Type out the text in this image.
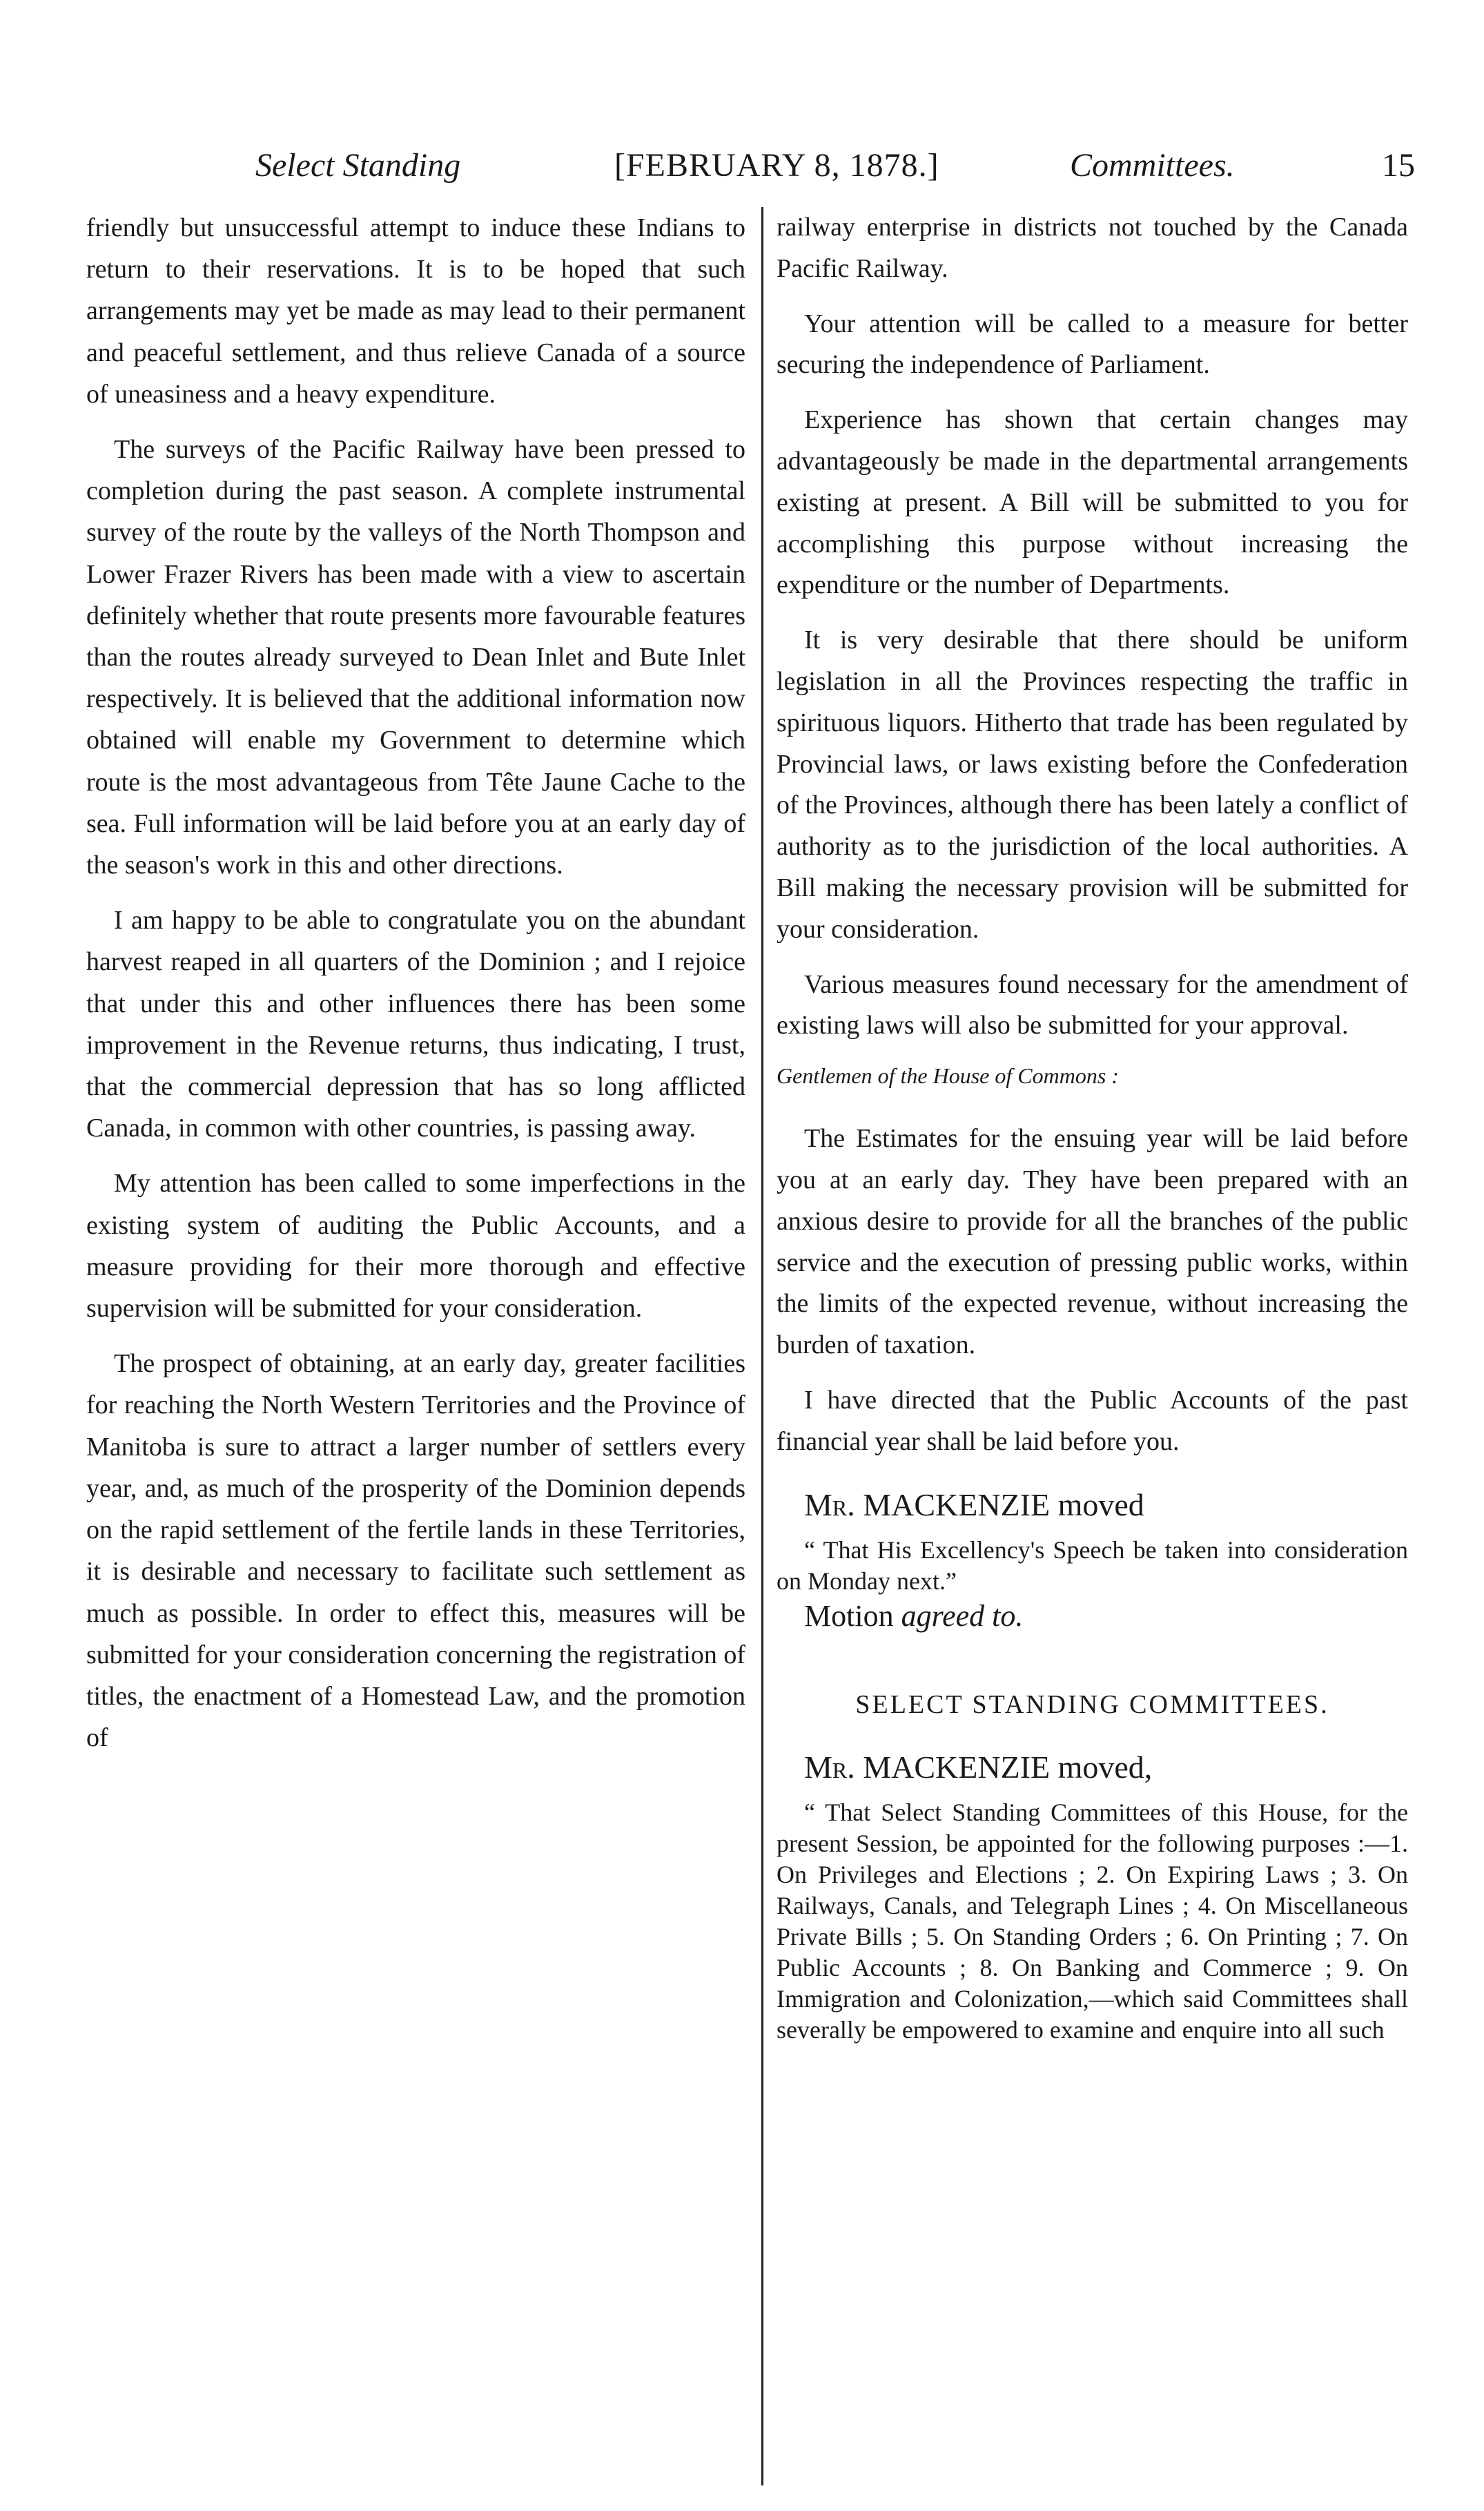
Select Standing	[FEBRUARY 8, 1878.]	Committees.	15

friendly but unsuccessful attempt to induce these Indians to return to their reservations. It is to be hoped that such arrangements may yet be made as may lead to their permanent and peaceful settlement, and thus relieve Canada of a source of uneasiness and a heavy expenditure.

The surveys of the Pacific Railway have been pressed to completion during the past season. A complete instrumental survey of the route by the valleys of the North Thompson and Lower Frazer Rivers has been made with a view to ascertain definitely whether that route presents more favourable features than the routes already surveyed to Dean Inlet and Bute Inlet respectively. It is believed that the additional information now obtained will enable my Government to determine which route is the most advantageous from Tête Jaune Cache to the sea. Full information will be laid before you at an early day of the season's work in this and other directions.

I am happy to be able to congratulate you on the abundant harvest reaped in all quarters of the Dominion ; and I rejoice that under this and other influences there has been some improvement in the Revenue returns, thus indicating, I trust, that the commercial depression that has so long afflicted Canada, in common with other countries, is passing away.

My attention has been called to some imperfections in the existing system of auditing the Public Accounts, and a measure providing for their more thorough and effective supervision will be submitted for your consideration.

The prospect of obtaining, at an early day, greater facilities for reaching the North Western Territories and the Province of Manitoba is sure to attract a larger number of settlers every year, and, as much of the prosperity of the Dominion depends on the rapid settlement of the fertile lands in these Territories, it is desirable and necessary to facilitate such settlement as much as possible. In order to effect this, measures will be submitted for your consideration concerning the registration of titles, the enactment of a Homestead Law, and the promotion of

railway enterprise in districts not touched by the Canada Pacific Railway.

Your attention will be called to a measure for better securing the independence of Parliament.

Experience has shown that certain changes may advantageously be made in the departmental arrangements existing at present. A Bill will be submitted to you for accomplishing this purpose without increasing the expenditure or the number of Departments.

It is very desirable that there should be uniform legislation in all the Provinces respecting the traffic in spirituous liquors. Hitherto that trade has been regulated by Provincial laws, or laws existing before the Confederation of the Provinces, although there has been lately a conflict of authority as to the jurisdiction of the local authorities. A Bill making the necessary provision will be submitted for your consideration.

Various measures found necessary for the amendment of existing laws will also be submitted for your approval.

Gentlemen of the House of Commons :

The Estimates for the ensuing year will be laid before you at an early day. They have been prepared with an anxious desire to provide for all the branches of the public service and the execution of pressing public works, within the limits of the expected revenue, without increasing the burden of taxation.

I have directed that the Public Accounts of the past financial year shall be laid before you.

Mr. MACKENZIE moved

“ That His Excellency's Speech be taken into consideration on Monday next.”

Motion agreed to.

SELECT STANDING COMMITTEES.
Mr. MACKENZIE moved,

“ That Select Standing Committees of this House, for the present Session, be appointed for the following purposes :—1. On Privileges and Elections ; 2. On Expiring Laws ; 3. On Railways, Canals, and Telegraph Lines ; 4. On Miscellaneous Private Bills ; 5. On Standing Orders ; 6. On Printing ; 7. On Public Accounts ; 8. On Banking and Commerce ; 9. On Immigration and Colonization,—which said Committees shall severally be empowered to examine and enquire into all such
